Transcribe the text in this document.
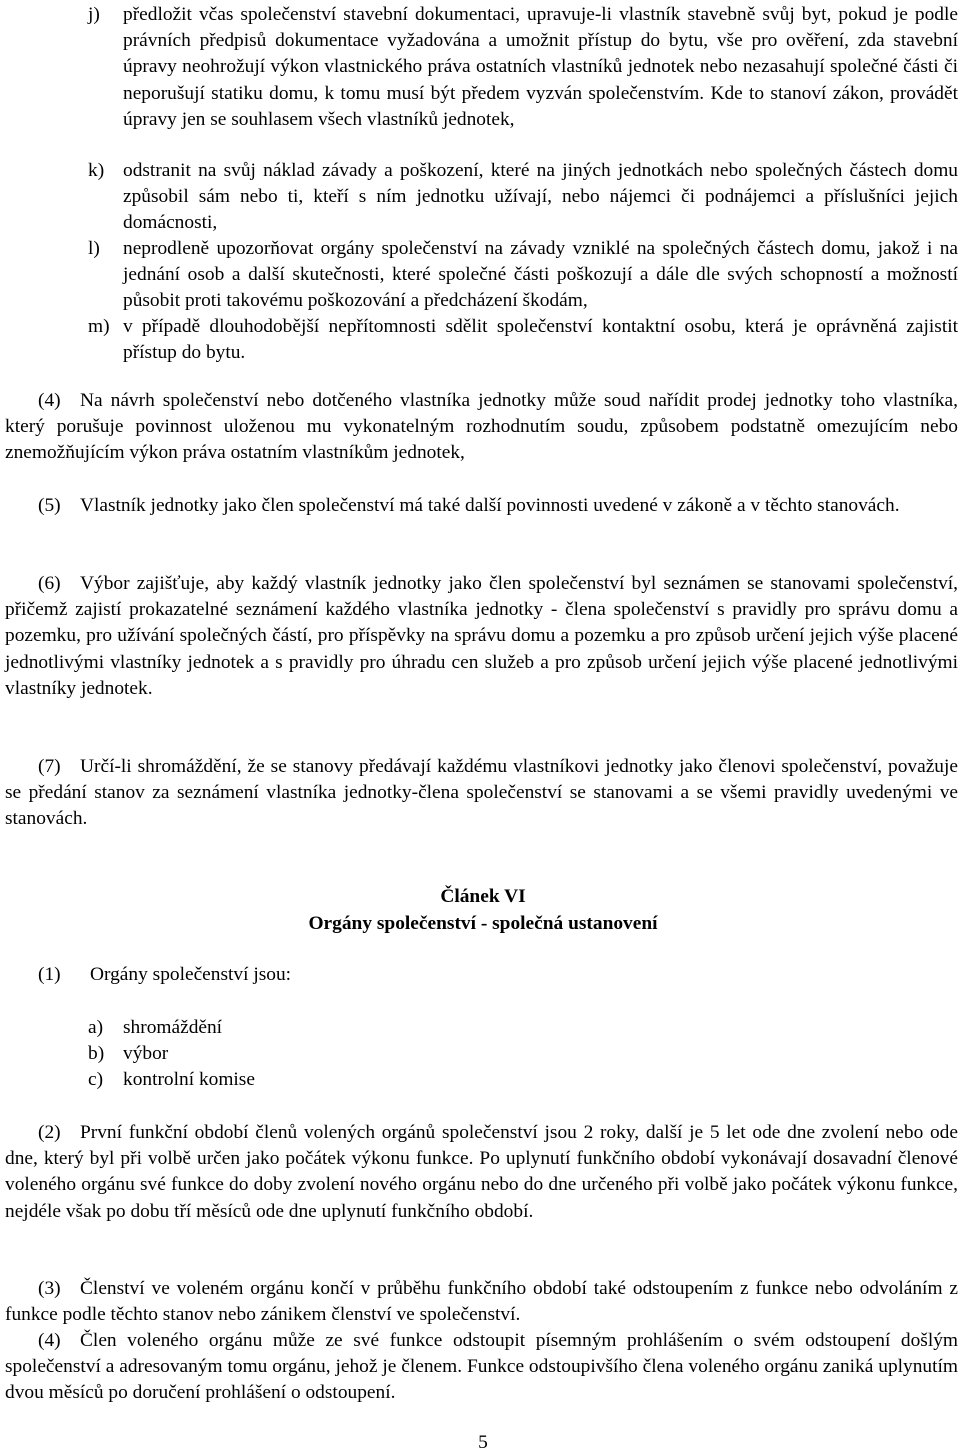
j) předložit včas společenství stavební dokumentaci, upravuje-li vlastník stavebně svůj byt, pokud je podle právních předpisů dokumentace vyžadována a umožnit přístup do bytu, vše pro ověření, zda stavební úpravy neohrožují výkon vlastnického práva ostatních vlastníků jednotek nebo nezasahují společné části či neporušují statiku domu, k tomu musí být předem vyzván společenstvím. Kde to stanoví zákon, provádět úpravy jen se souhlasem všech vlastníků jednotek,

k) odstranit na svůj náklad závady a poškození, které na jiných jednotkách nebo společných částech domu způsobil sám nebo ti, kteří s ním jednotku užívají, nebo nájemci či podnájemci a příslušníci jejich domácnosti,

l) neprodleně upozorňovat orgány společenství na závady vzniklé na společných částech domu, jakož i na jednání osob a další skutečnosti, které společné části poškozují a dále dle svých schopností a možností působit proti takovému poškozování a předcházení škodám,

m) v případě dlouhodobější nepřítomnosti sdělit společenství kontaktní osobu, která je oprávněná zajistit přístup do bytu.

(4) Na návrh společenství nebo dotčeného vlastníka jednotky může soud nařídit prodej jednotky toho vlastníka, který porušuje povinnost uloženou mu vykonatelným rozhodnutím soudu, způsobem podstatně omezujícím nebo znemožňujícím výkon práva ostatním vlastníkům jednotek,

(5) Vlastník jednotky jako člen společenství má také další povinnosti uvedené v zákoně a v těchto stanovách.

(6) Výbor zajišťuje, aby každý vlastník jednotky jako člen společenství byl seznámen se stanovami společenství, přičemž zajistí prokazatelné seznámení každého vlastníka jednotky - člena společenství s pravidly pro správu domu a pozemku, pro užívání společných částí, pro příspěvky na správu domu a pozemku a pro způsob určení jejich výše placené jednotlivými vlastníky jednotek a s pravidly pro úhradu cen služeb a pro způsob určení jejich výše placené jednotlivými vlastníky jednotek.

(7) Určí-li shromáždění, že se stanovy předávají každému vlastníkovi jednotky jako členovi společenství, považuje se předání stanov za seznámení vlastníka jednotky-člena společenství se stanovami a se všemi pravidly uvedenými ve stanovách.

Článek VI

Orgány společenství - společná ustanovení

(1) Orgány společenství jsou:

a) shromáždění

b) výbor

c) kontrolní komise

(2) První funkční období členů volených orgánů společenství jsou 2 roky, další je 5 let ode dne zvolení nebo ode dne, který byl při volbě určen jako počátek výkonu funkce. Po uplynutí funkčního období vykonávají dosavadní členové voleného orgánu své funkce do doby zvolení nového orgánu nebo do dne určeného při volbě jako počátek výkonu funkce, nejdéle však po dobu tří měsíců ode dne uplynutí funkčního období.

(3) Členství ve voleném orgánu končí v průběhu funkčního období také odstoupením z funkce nebo odvoláním z funkce podle těchto stanov nebo zánikem členství ve společenství.

(4) Člen voleného orgánu může ze své funkce odstoupit písemným prohlášením o svém odstoupení došlým společenství a adresovaným tomu orgánu, jehož je členem. Funkce odstoupivšího člena voleného orgánu zaniká uplynutím dvou měsíců po doručení prohlášení o odstoupení.

5
